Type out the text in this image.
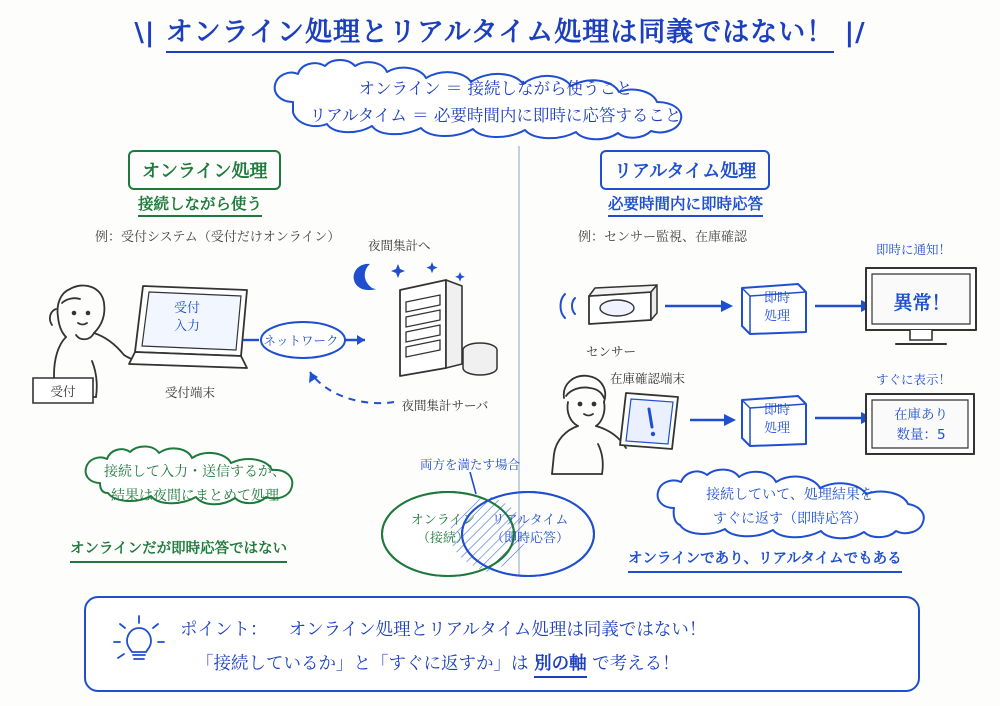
\| オンライン処理とリアルタイム処理は同義ではない！ |/
オンライン ＝ 接続しながら使うこと
リアルタイム ＝ 必要時間内に即時に応答すること
オンライン処理
接続しながら使う
例：受付システム（受付だけオンライン）
受付
受付
入力
受付端末
ネットワーク
夜間集計へ
夜間集計サーバ
接続して入力・送信するが、
結果は夜間にまとめて処理
オンラインだが即時応答ではない
両方を満たす場合
オンライン
（接続）
リアルタイム
（即時応答）
リアルタイム処理
必要時間内に即時応答
例：センサー監視、在庫確認
センサー
即時
処理
即時に通知！
異常！
在庫確認端末
即時
処理
すぐに表示！
在庫あり
数量：5
接続していて、処理結果を
すぐに返す（即時応答）
オンラインであり、リアルタイムでもある
ポイント： オンライン処理とリアルタイム処理は同義ではない！
「接続しているか」と「すぐに返すか」は 別の軸 で考える！
